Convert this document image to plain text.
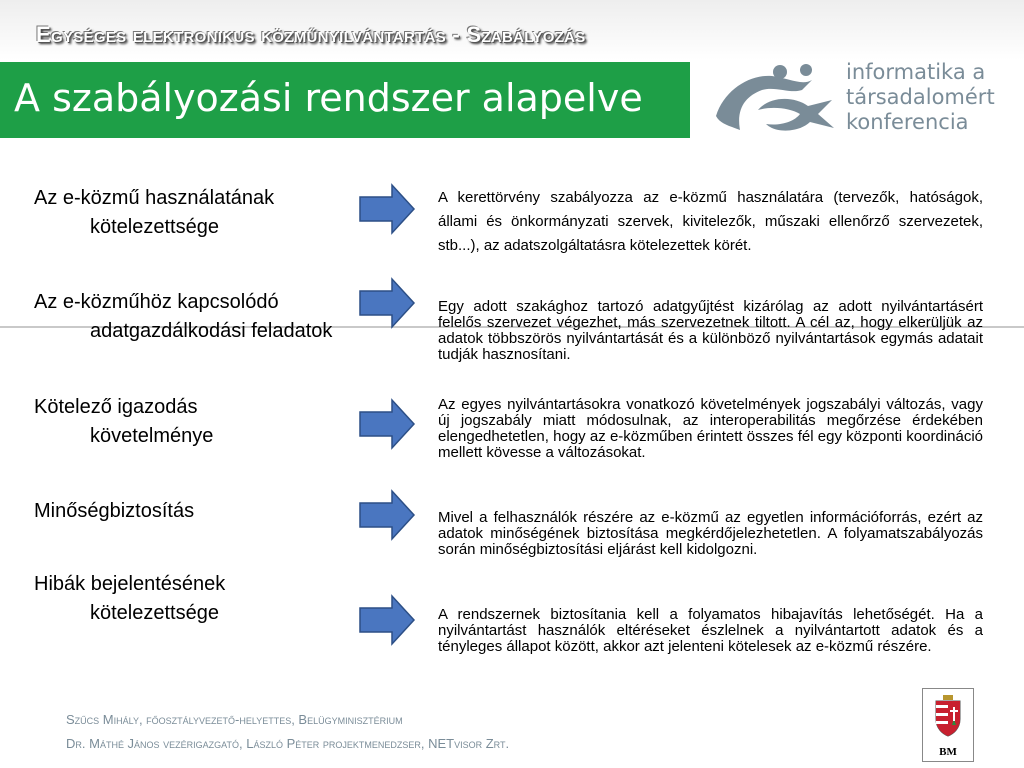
Egységes elektronikus közműnyilvántartás - Szabályozás
A szabályozási rendszer alapelve
informatika a
társadalomért
konferencia
Az e-közmű használatának
kötelezettsége
Az e-közműhöz kapcsolódó
adatgazdálkodási feladatok
Kötelező igazodás
követelménye
Minőségbiztosítás
Hibák bejelentésének
kötelezettsége
A kerettörvény szabályozza az e-közmű használatára (tervezők, hatóságok, állami és önkormányzati szervek, kivitelezők, műszaki ellenőrző szervezetek, stb...), az adatszolgáltatásra kötelezettek körét.
Egy adott szakághoz tartozó adatgyűjtést kizárólag az adott nyilvántartásért felelős szervezet végezhet, más szervezetnek tiltott. A cél az, hogy elkerüljük az adatok többszörös nyilvántartását és a különböző nyilvántartások egymás adatait tudják hasznosítani.
Az egyes nyilvántartásokra vonatkozó követelmények jogszabályi változás, vagy új jogszabály miatt módosulnak, az interoperabilitás megőrzése érdekében elengedhetetlen, hogy az e-közműben érintett összes fél egy központi koordináció mellett kövesse a változásokat.
Mivel a felhasználók részére az e-közmű az egyetlen információforrás, ezért az adatok minőségének biztosítása megkérdőjelezhetetlen. A folyamatszabályozás során minőségbiztosítási eljárást kell kidolgozni.
A rendszernek biztosítania kell a folyamatos hibajavítás lehetőségét. Ha a nyilvántartást használók eltéréseket észlelnek a nyilvántartott adatok és a tényleges állapot között, akkor azt jelenteni kötelesek az e-közmű részére.
Szűcs Mihály, főosztályvezető-helyettes, Belügyminisztérium
Dr. Máthé János vezérigazgató, László Péter projektmenedzser, NETvisor Zrt.
BM
